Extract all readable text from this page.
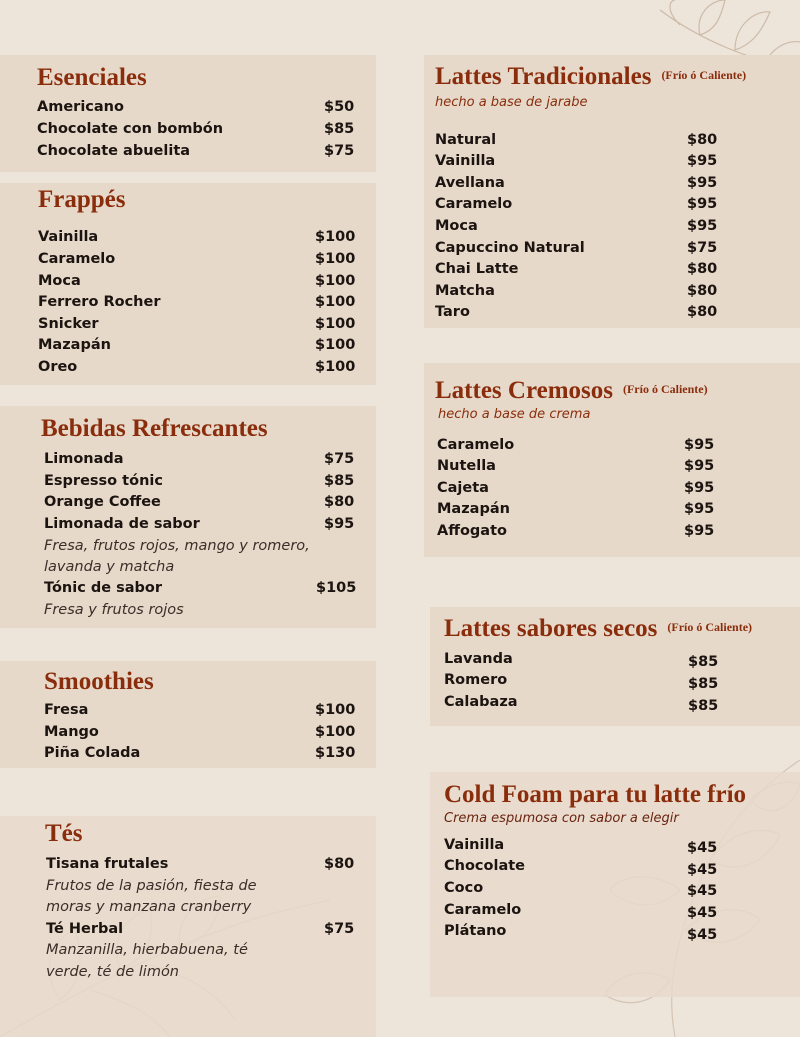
Esenciales
Americano	$50
Chocolate con bombón	$85
Chocolate abuelita	$75
Frappés
Vainilla	$100
Caramelo	$100
Moca	$100
Ferrero Rocher	$100
Snicker	$100
Mazapán	$100
Oreo	$100
Bebidas Refrescantes
Limonada	$75
Espresso tónic	$85
Orange Coffee	$80
Limonada de sabor	$95
Fresa, frutos rojos, mango y romero,
lavanda y matcha
Tónic de sabor	$105
Fresa y frutos rojos
Smoothies
Fresa	$100
Mango	$100
Piña Colada	$130
Tés
Tisana frutales	$80
Frutos de la pasión, fiesta de
moras y manzana cranberry
Té Herbal	$75
Manzanilla, hierbabuena, té
verde, té de limón
Lattes Tradicionales $^{(Frío ó Caliente)}$
hecho a base de jarabe
Natural	$80
Vainilla	$95
Avellana	$95
Caramelo	$95
Moca	$95
Capuccino Natural	$75
Chai Latte	$80
Matcha	$80
Taro	$80
Lattes Cremosos $^{(Frío ó Caliente)}$
hecho a base de crema
Caramelo	$95
Nutella	$95
Cajeta	$95
Mazapán	$95
Affogato	$95
Lattes sabores secos $^{(Frío ó Caliente)}$
Lavanda	$85
Romero	$85
Calabaza	$85
Cold Foam para tu latte frío
Crema espumosa con sabor a elegir
Vainilla	$45
Chocolate	$45
Coco	$45
Caramelo	$45
Plátano	$45
